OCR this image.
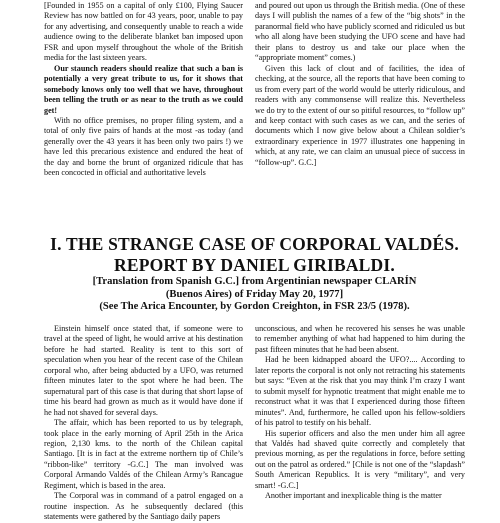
[Founded in 1955 on a capital of only £100, Flying Saucer Review has now battled on for 43 years, poor, unable to pay for any advertising, and consequently unable to reach a wide audience owing to the deliberate blanket ban imposed upon FSR and upon myself throughout the whole of the British media for the last sixteen years.

Our staunch readers should realize that such a ban is potentially a very great tribute to us, for it shows that somebody knows only too well that we have, throughout been telling the truth or as near to the truth as we could get!

With no office premises, no proper filing system, and a total of only five pairs of hands at the most -as today (and generally over the 43 years it has been only two pairs !) we have led this precarious existence and endured the heat of the day and borne the brunt of organized ridicule that has been concocted in official and authoritative levels

and poured out upon us through the British media. (One of these days I will publish the names of a few of the “big shots” in the paranormal field who have publicly scorned and ridiculed us but who all along have been studying the UFO scene and have had their plans to destroy us and take our place when the “appropriate moment” comes.)

Given this lack of clout and of facilities, the idea of checking, at the source, all the reports that have been coming to us from every part of the world would be utterly ridiculous, and readers with any commonsense will realize this. Nevertheless we do try to the extent of our so pitiful resources, to “follow up” and keep contact with such cases as we can, and the series of documents which I now give below about a Chilean soldier’s extraordinary experience in 1977 illustrates one happening in which, at any rate, we can claim an unusual piece of success in “follow-up”. G.C.]

I. THE STRANGE CASE OF CORPORAL VALDÉS.

REPORT BY DANIEL GIRIBALDI.

[Translation from Spanish G.C.] from Argentinian newspaper CLARÍN

(Buenos Aires) of Friday May 20, 1977]

(See The Arica Encounter, by Gordon Creighton, in FSR 23/5 (1978).

Einstein himself once stated that, if someone were to travel at the speed of light, he would arrive at his destination before he had started. Reality is tent to this sort of speculation when you hear of the recent case of the Chilean corporal who, after being abducted by a UFO, was returned fifteen minutes later to the spot where he had been. The supernatural part of this case is that during that short lapse of time his beard had grown as much as it would have done if he had not shaved for several days.

The affair, which has been reported to us by telegraph, took place in the early morning of April 25th in the Arica region, 2,130 kms. to the north of the Chilean capital Santiago. [It is in fact at the extreme northern tip of Chile’s “ribbon-like” territory -G.C.] The man involved was Corporal Armando Valdés of the Chilean Army’s Rancague Regiment, which is based in the area.

The Corporal was in command of a patrol engaged on a routine inspection. As he subsequently declared (this statements were gathered by the Santiago daily papers

unconscious, and when he recovered his senses he was unable to remember anything of what had happened to him during the past fifteen minutes that he had been absent.

Had he been kidnapped aboard the UFO?.... According to later reports the corporal is not only not retracting his statements but says: “Even at the risk that you may think I’m crazy I want to submit myself for hypnotic treatment that might enable me to reconstruct what it was that I experienced during those fifteen minutes”. And, furthermore, he called upon his fellow-soldiers of his patrol to testify on his behalf.

His superior officers and also the men under him all agree that Valdés had shaved quite correctly and completely that previous morning, as per the regulations in force, before setting out on the patrol as ordered.” [Chile is not one of the “slapdash” South American Republics. It is very “military”, and very smart! -G.C.]

Another important and inexplicable thing is the matter
